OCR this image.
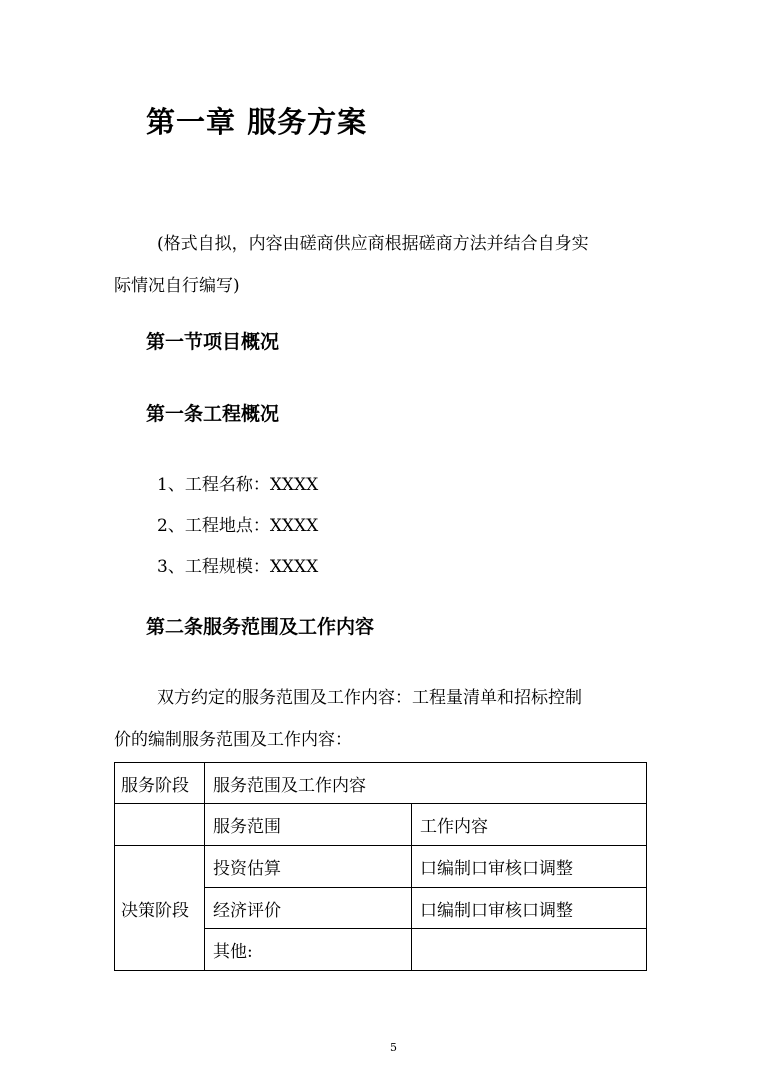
第一章 服务方案
(格式自拟，内容由磋商供应商根据磋商方法并结合自身实
际情况自行编写)
第一节项目概况
第一条工程概况
1、工程名称：XXXX
2、工程地点：XXXX
3、工程规模：XXXX
第二条服务范围及工作内容
双方约定的服务范围及工作内容：工程量清单和招标控制
价的编制服务范围及工作内容：
服务阶段	服务范围及工作内容	
	服务范围	工作内容
决策阶段	投资估算	口编制口审核口调整
	经济评价	口编制口审核口调整
	其他:	
5
